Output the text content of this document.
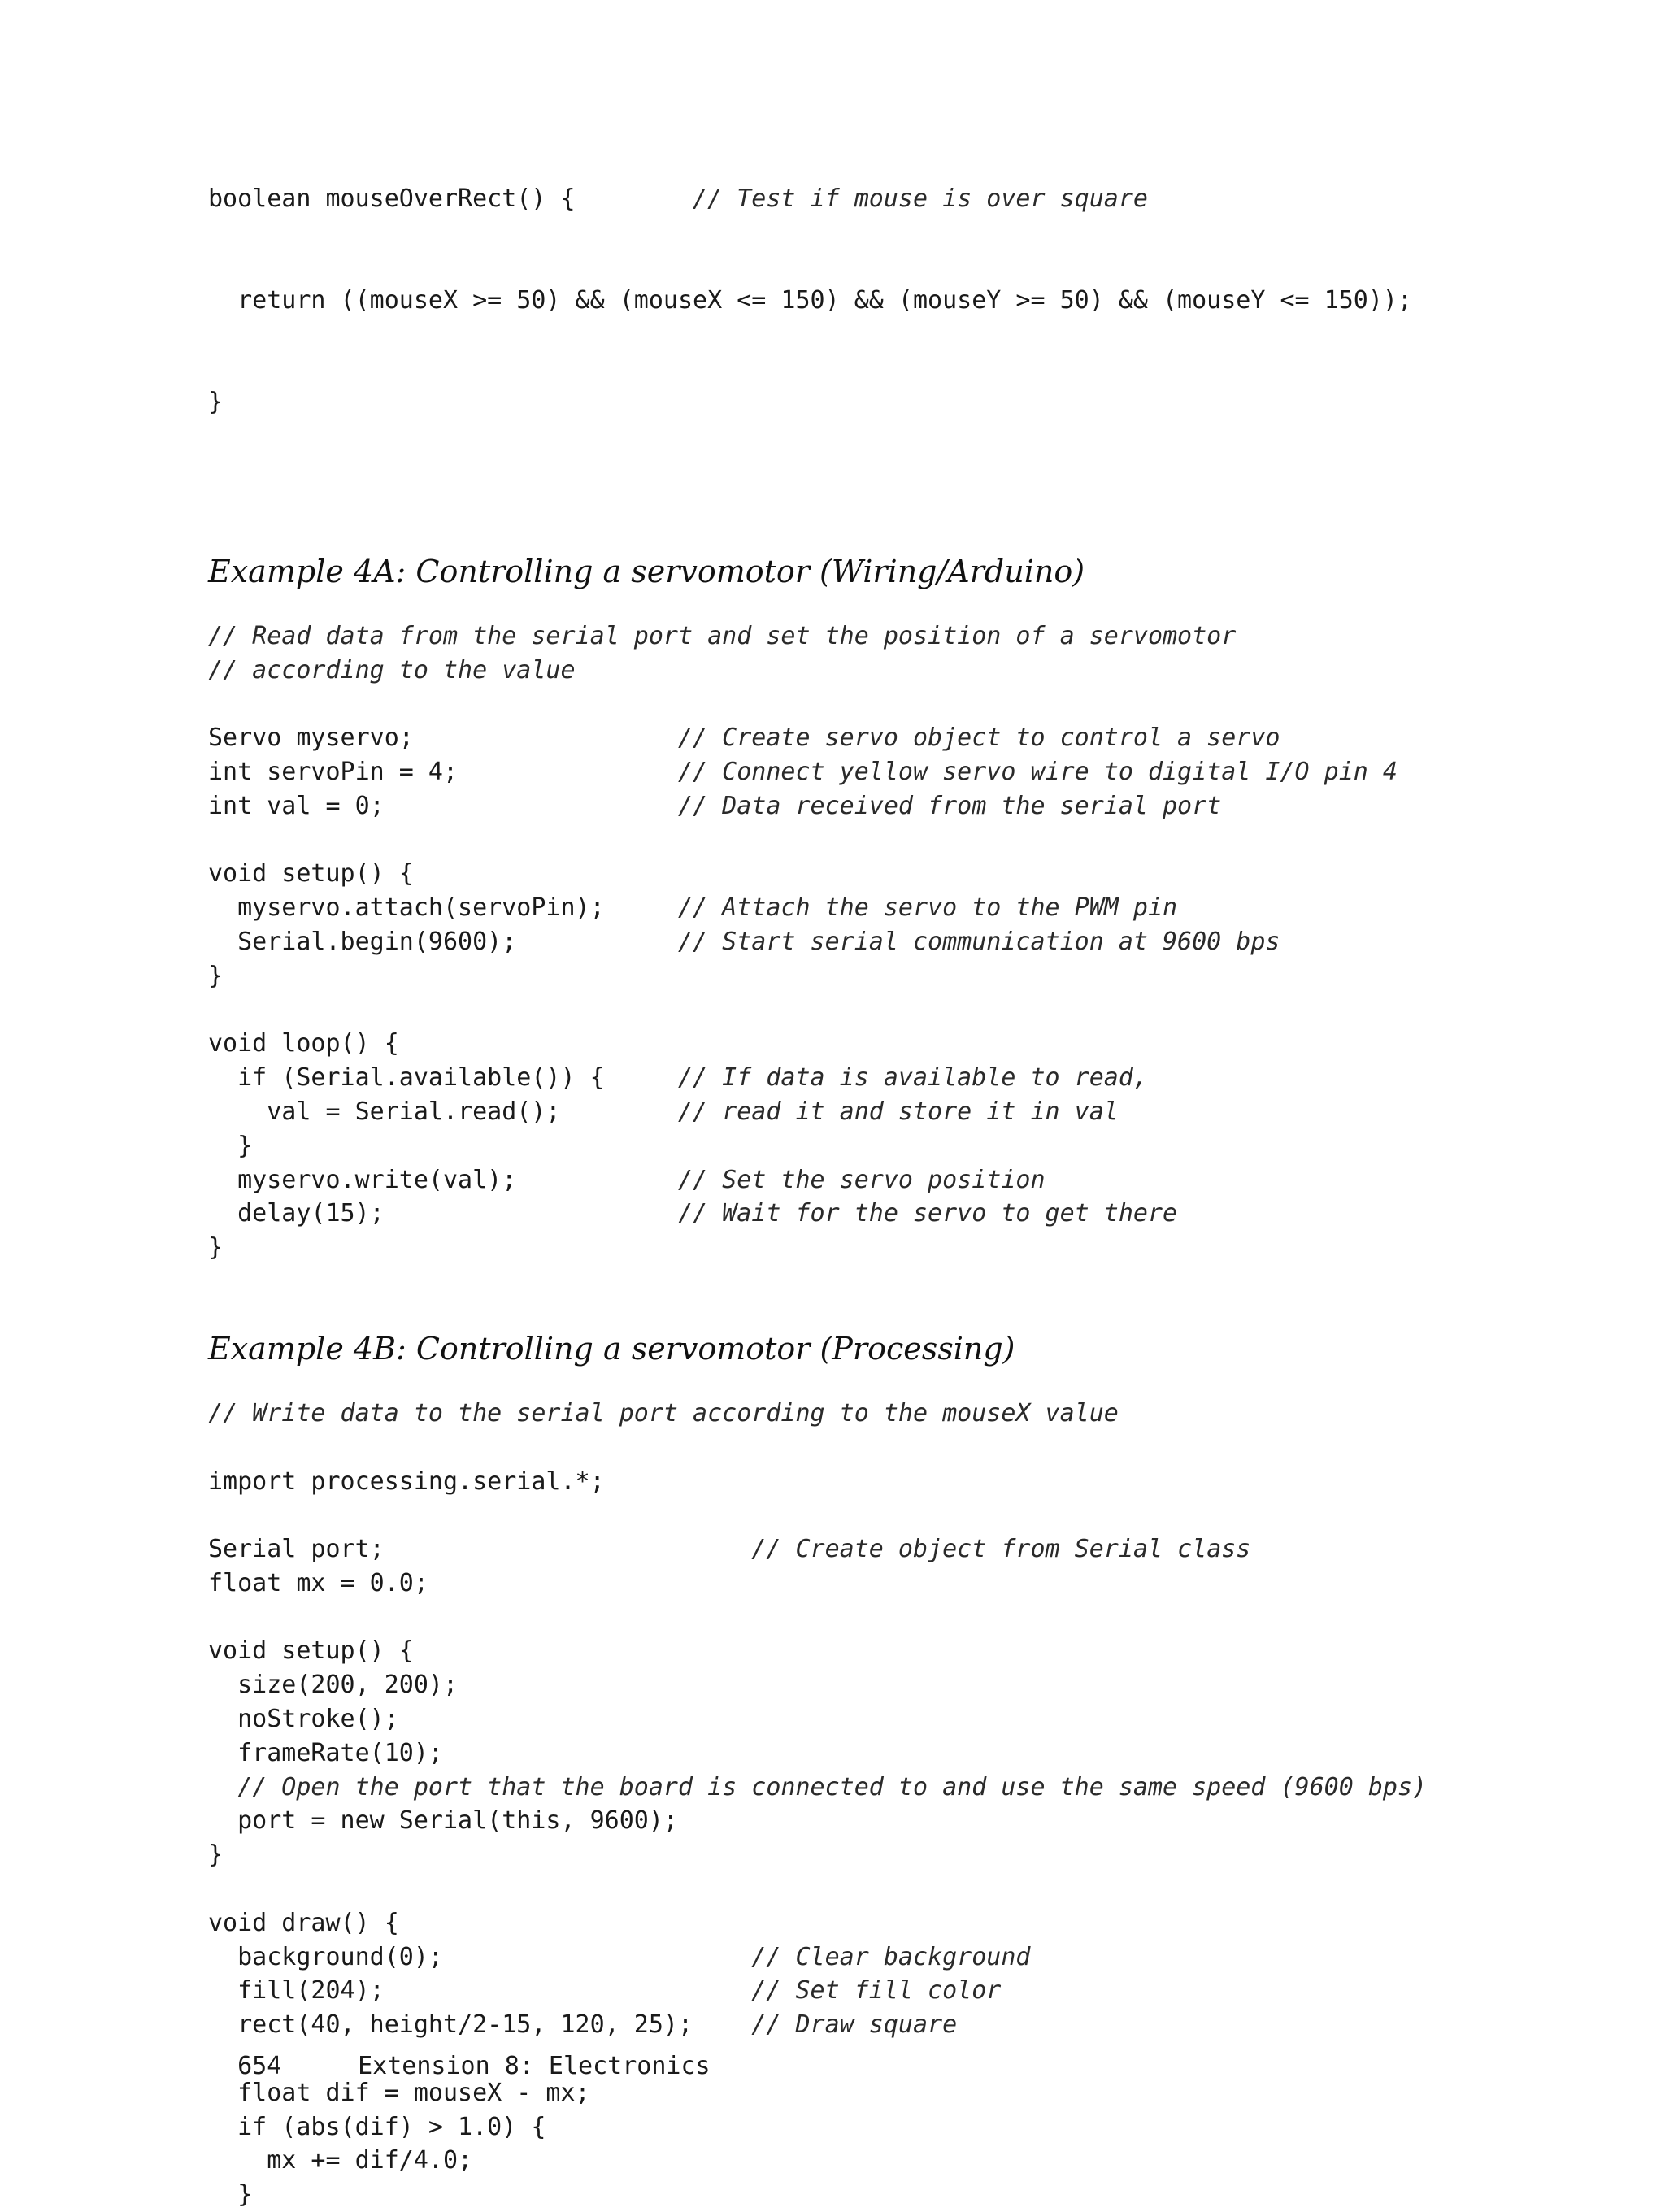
boolean mouseOverRect() {        // Test if mouse is over square

return ((mouseX >= 50) && (mouseX <= 150) && (mouseY >= 50) && (mouseY <= 150));

}

Example 4A: Controlling a servomotor (Wiring/Arduino)
// Read data from the serial port and set the position of a servomotor
// according to the value
Servo myservo;                  // Create servo object to control a servo
int servoPin = 4;               // Connect yellow servo wire to digital I/O pin 4
int val = 0;                    // Data received from the serial port
void setup() {
myservo.attach(servoPin);     // Attach the servo to the PWM pin
Serial.begin(9600);           // Start serial communication at 9600 bps
}
void loop() {
if (Serial.available()) {     // If data is available to read,
val = Serial.read();        // read it and store it in val
}
myservo.write(val);           // Set the servo position
delay(15);                    // Wait for the servo to get there
}
Example 4B: Controlling a servomotor (Processing)
// Write data to the serial port according to the mouseX value
import processing.serial.*;
Serial port;                         // Create object from Serial class
float mx = 0.0;
void setup() {
size(200, 200);
noStroke();
frameRate(10);
// Open the port that the board is connected to and use the same speed (9600 bps)
port = new Serial(this, 9600);
}
void draw() {
background(0);                     // Clear background
fill(204);                         // Set fill color
rect(40, height/2-15, 120, 25);    // Draw square
float dif = mouseX - mx;
if (abs(dif) > 1.0) {
mx += dif/4.0;
}

654	Extension 8: Electronics
